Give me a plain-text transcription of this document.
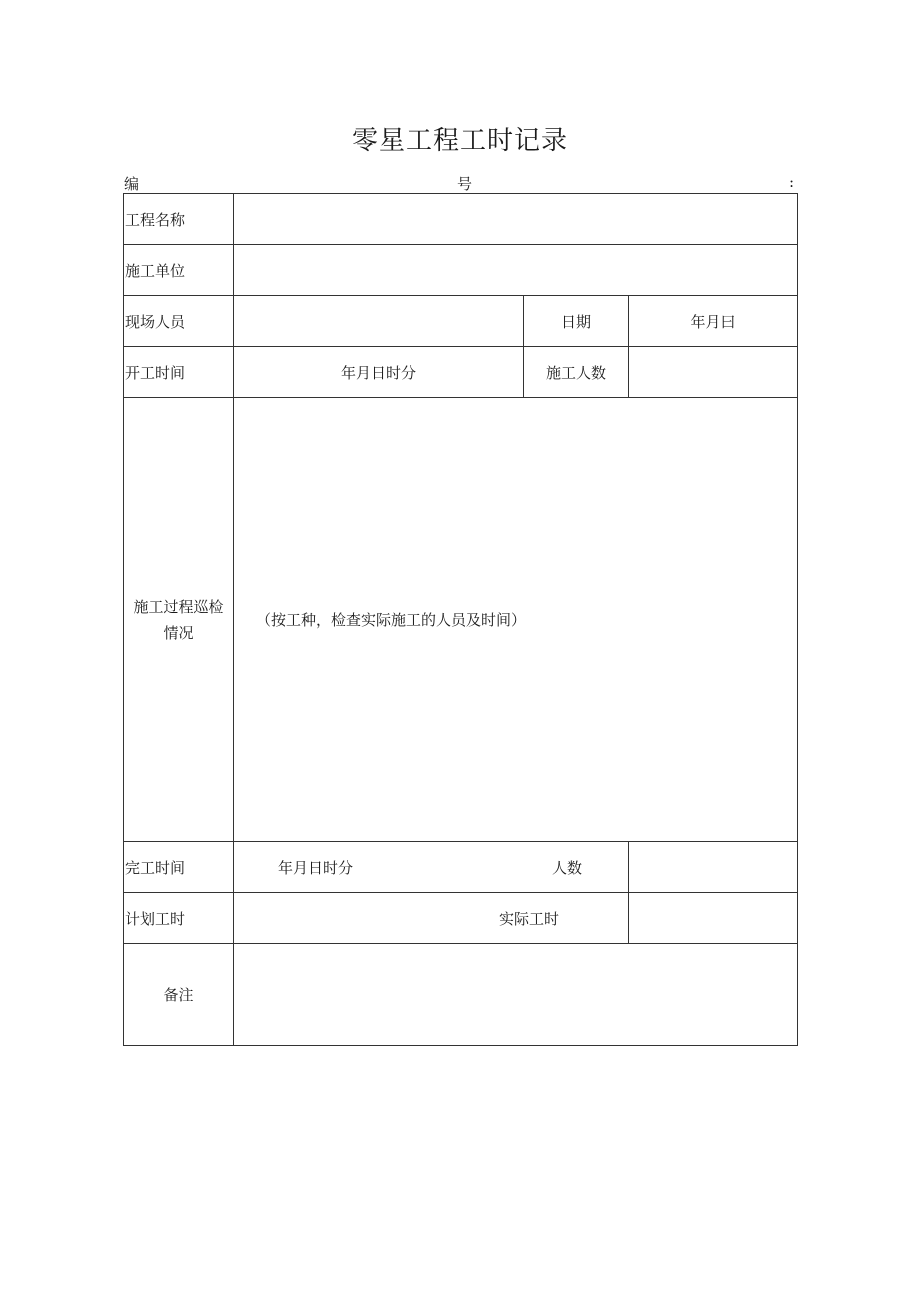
零星工程工时记录
编	号	:
工程名称			
施工单位			
现场人员		日期	年月曰
开工时间	年月日时分	施工人数	

施工过程巡检
情况	（按工种，检查实际施工的人员及时间）		
完工时间	年月日时分 人数		

计划工时	实际工时		

备注			
